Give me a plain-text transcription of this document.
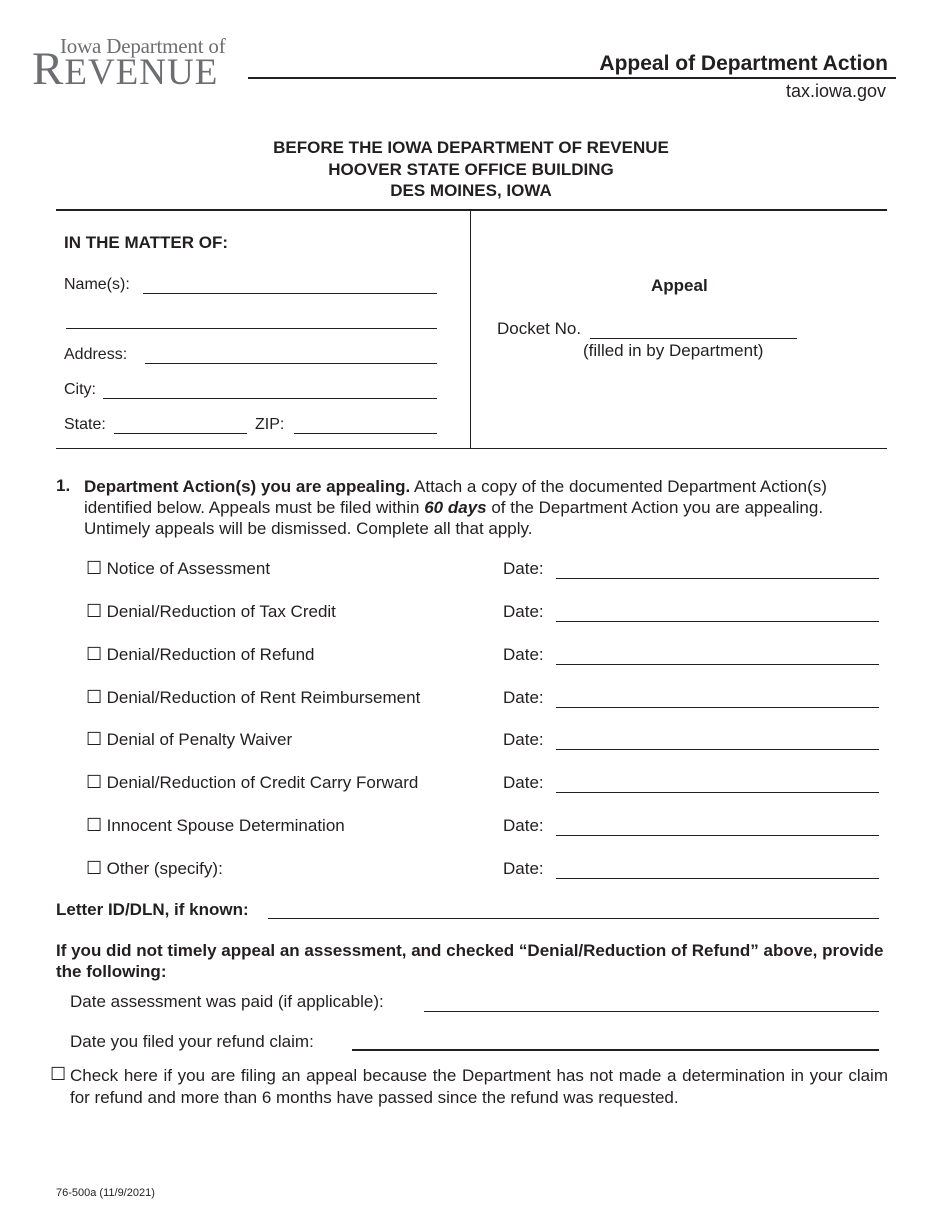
Iowa Department of
REVENUE	Appeal of Department Action
tax.iowa.gov
BEFORE THE IOWA DEPARTMENT OF REVENUE
HOOVER STATE OFFICE BUILDING
DES MOINES, IOWA
IN THE MATTER OF:
Name(s):
Address:
City:
State:	ZIP:
Appeal
Docket No.
(filled in by Department)
1. Department Action(s) you are appealing. Attach a copy of the documented Department Action(s) identified below. Appeals must be filed within 60 days of the Department Action you are appealing. Untimely appeals will be dismissed. Complete all that apply.
☐ Notice of Assessment	Date:
☐ Denial/Reduction of Tax Credit	Date:
☐ Denial/Reduction of Refund	Date:
☐ Denial/Reduction of Rent Reimbursement	Date:
☐ Denial of Penalty Waiver	Date:
☐ Denial/Reduction of Credit Carry Forward	Date:
☐ Innocent Spouse Determination	Date:
☐ Other (specify):	Date:
Letter ID/DLN, if known:
If you did not timely appeal an assessment, and checked “Denial/Reduction of Refund” above, provide the following:
Date assessment was paid (if applicable):
Date you filed your refund claim:
☐ Check here if you are filing an appeal because the Department has not made a determination in your claim for refund and more than 6 months have passed since the refund was requested.
76-500a (11/9/2021)
